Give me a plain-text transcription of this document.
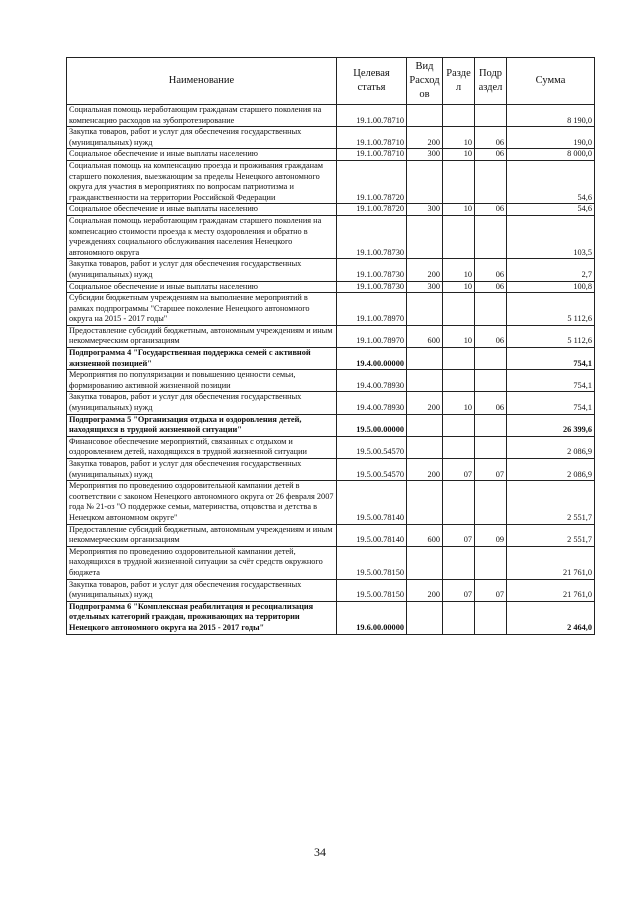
Наименование	Целевая статья	Вид Расход ов	Разде л	Подр аздел	Сумма
Социальная помощь неработающим гражданам старшего поколения на компенсацию расходов на зубопротезирование	19.1.00.78710				8 190,0
Закупка товаров, работ и услуг для обеспечения государственных (муниципальных) нужд	19.1.00.78710	200	10	06	190,0
Социальное обеспечение и иные выплаты населению	19.1.00.78710	300	10	06	8 000,0
Социальная помощь на компенсацию проезда и проживания гражданам старшего поколения, выезжающим за пределы Ненецкого автономного округа для участия в мероприятиях по вопросам патриотизма и гражданственности на территории Российской Федерации	19.1.00.78720				54,6
Социальное обеспечение и иные выплаты населению	19.1.00.78720	300	10	06	54,6
Социальная помощь неработающим гражданам старшего поколения на компенсацию стоимости проезда к месту оздоровления и обратно в учреждениях социального обслуживания населения Ненецкого автономного округа	19.1.00.78730				103,5
Закупка товаров, работ и услуг для обеспечения государственных (муниципальных) нужд	19.1.00.78730	200	10	06	2,7
Социальное обеспечение и иные выплаты населению	19.1.00.78730	300	10	06	100,8
Субсидии бюджетным учреждениям на выполнение мероприятий в рамках подпрограммы "Старшее поколение Ненецкого автономного округа на 2015 - 2017 годы"	19.1.00.78970				5 112,6
Предоставление субсидий бюджетным, автономным учреждениям и иным некоммерческим организациям	19.1.00.78970	600	10	06	5 112,6
Подпрограмма 4 "Государственная поддержка семей с активной жизненной позицией"	19.4.00.00000				754,1
Мероприятия по популяризации и повышению ценности семьи, формированию активной жизненной позиции	19.4.00.78930				754,1
Закупка товаров, работ и услуг для обеспечения государственных (муниципальных) нужд	19.4.00.78930	200	10	06	754,1
Подпрограмма 5 "Организация отдыха и оздоровления детей, находящихся в трудной жизненной ситуации"	19.5.00.00000				26 399,6
Финансовое обеспечение мероприятий, связанных с отдыхом и оздоровлением детей, находящихся в трудной жизненной ситуации	19.5.00.54570				2 086,9
Закупка товаров, работ и услуг для обеспечения государственных (муниципальных) нужд	19.5.00.54570	200	07	07	2 086,9
Мероприятия по проведению оздоровительной кампании детей в соответствии с законом Ненецкого автономного округа от 26 февраля 2007 года № 21-оз "О поддержке семьи, материнства, отцовства и детства в Ненецком автономном округе"	19.5.00.78140				2 551,7
Предоставление субсидий бюджетным, автономным учреждениям и иным некоммерческим организациям	19.5.00.78140	600	07	09	2 551,7
Мероприятия по проведению оздоровительной кампании детей, находящихся в трудной жизненной ситуации за счёт средств окружного бюджета	19.5.00.78150				21 761,0
Закупка товаров, работ и услуг для обеспечения государственных (муниципальных) нужд	19.5.00.78150	200	07	07	21 761,0
Подпрограмма 6 "Комплексная реабилитация и ресоциализация отдельных категорий граждан, проживающих на территории Ненецкого автономного округа на 2015 - 2017 годы"	19.6.00.00000				2 464,0
34
